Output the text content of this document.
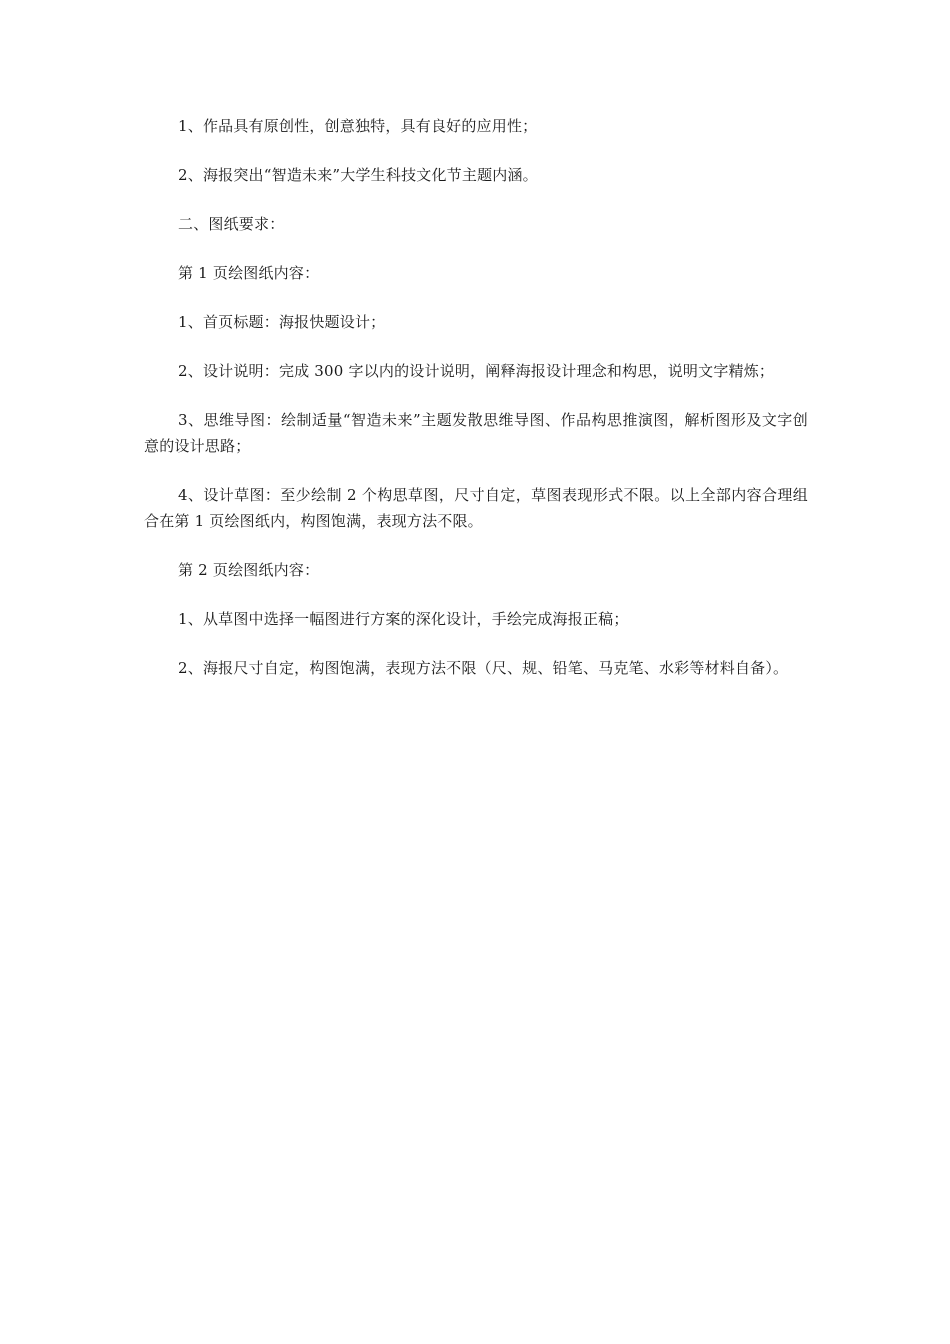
1、作品具有原创性，创意独特，具有良好的应用性；

2、海报突出“智造未来”大学生科技文化节主题内涵。

二、图纸要求：

第 1 页绘图纸内容：

1、首页标题：海报快题设计；

2、设计说明：完成 300 字以内的设计说明，阐释海报设计理念和构思，说明文字精炼；

3、思维导图：绘制适量“智造未来”主题发散思维导图、作品构思推演图，解析图形及文字创意的设计思路；

4、设计草图：至少绘制 2 个构思草图，尺寸自定，草图表现形式不限。以上全部内容合理组合在第 1 页绘图纸内，构图饱满，表现方法不限。

第 2 页绘图纸内容：

1、从草图中选择一幅图进行方案的深化设计，手绘完成海报正稿；

2、海报尺寸自定，构图饱满，表现方法不限（尺、规、铅笔、马克笔、水彩等材料自备）。
